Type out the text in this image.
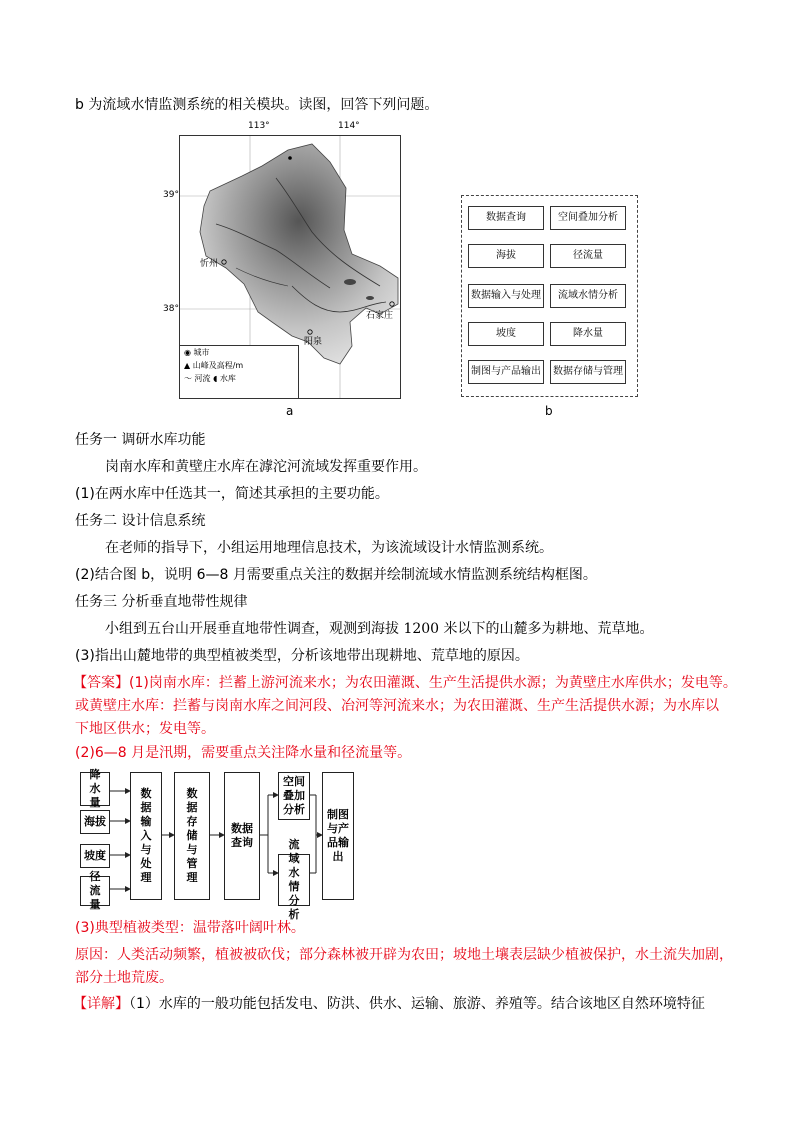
b 为流域水情监测系统的相关模块。读图，回答下列问题。
113°	114°
39°
38°
忻州
阳泉
石家庄
◉ 城市
▲ 山峰及高程/m
〜 河流 ◖ 水库
a
数据查询	空间叠加分析
海拔	径流量
数据输入与处理	流域水情分析
坡度	降水量
制图与产品输出	数据存储与管理
b
任务一 调研水库功能
岗南水库和黄壁庄水库在滹沱河流域发挥重要作用。
(1)在两水库中任选其一，简述其承担的主要功能。
任务二 设计信息系统
在老师的指导下，小组运用地理信息技术，为该流域设计水情监测系统。
(2)结合图 b，说明 6—8 月需要重点关注的数据并绘制流域水情监测系统结构框图。
任务三 分析垂直地带性规律
小组到五台山开展垂直地带性调查，观测到海拔 1200 米以下的山麓多为耕地、荒草地。
(3)指出山麓地带的典型植被类型，分析该地带出现耕地、荒草地的原因。
【答案】(1)岗南水库：拦蓄上游河流来水；为农田灌溉、生产生活提供水源；为黄壁庄水库供水；发电等。
或黄壁庄水库：拦蓄与岗南水库之间河段、冶河等河流来水；为农田灌溉、生产生活提供水源；为水库以
下地区供水；发电等。
(2)6—8 月是汛期，需要重点关注降水量和径流量等。
降水量
海拔
坡度
径流量
数据输入与处理
数据存储与管理
数据查询
空间叠加分析
流域水情分析
制图与产品输出
(3)典型植被类型：温带落叶阔叶林。
原因：人类活动频繁，植被被砍伐；部分森林被开辟为农田；坡地土壤表层缺少植被保护，水土流失加剧，
部分土地荒废。
【详解】（1）水库的一般功能包括发电、防洪、供水、运输、旅游、养殖等。结合该地区自然环境特征
